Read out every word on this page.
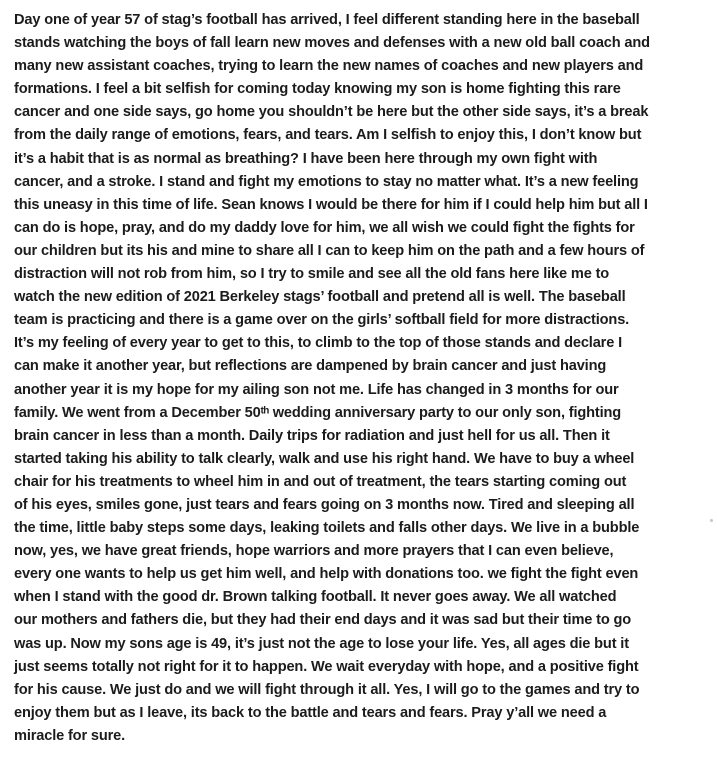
Day one of year 57 of stag’s football has arrived, I feel different standing here in the baseball
stands watching the boys of fall learn new moves and defenses with a new old ball coach and
many new assistant coaches, trying to learn the new names of coaches and new players and
formations. I feel a bit selfish for coming today knowing my son is home fighting this rare
cancer and one side says, go home you shouldn’t be here but the other side says, it’s a break
from the daily range of emotions, fears, and tears. Am I selfish to enjoy this, I don’t know but
it’s a habit that is as normal as breathing? I have been here through my own fight with
cancer, and a stroke. I stand and fight my emotions to stay no matter what. It’s a new feeling
this uneasy in this time of life. Sean knows I would be there for him if I could help him but all I
can do is hope, pray, and do my daddy love for him, we all wish we could fight the fights for
our children but its his and mine to share all I can to keep him on the path and a few hours of
distraction will not rob from him, so I try to smile and see all the old fans here like me to
watch the new edition of 2021 Berkeley stags’ football and pretend all is well. The baseball
team is practicing and there is a game over on the girls’ softball field for more distractions.
It’s my feeling of every year to get to this, to climb to the top of those stands and declare I
can make it another year, but reflections are dampened by brain cancer and just having
another year it is my hope for my ailing son not me. Life has changed in 3 months for our
family. We went from a December 50ᵗʰ wedding anniversary party to our only son, fighting
brain cancer in less than a month. Daily trips for radiation and just hell for us all. Then it
started taking his ability to talk clearly, walk and use his right hand. We have to buy a wheel
chair for his treatments to wheel him in and out of treatment, the tears starting coming out
of his eyes, smiles gone, just tears and fears going on 3 months now. Tired and sleeping all
the time, little baby steps some days, leaking toilets and falls other days. We live in a bubble
now, yes, we have great friends, hope warriors and more prayers that I can even believe,
every one wants to help us get him well, and help with donations too. we fight the fight even
when I stand with the good dr. Brown talking football. It never goes away. We all watched
our mothers and fathers die, but they had their end days and it was sad but their time to go
was up. Now my sons age is 49, it’s just not the age to lose your life. Yes, all ages die but it
just seems totally not right for it to happen. We wait everyday with hope, and a positive fight
for his cause. We just do and we will fight through it all. Yes, I will go to the games and try to
enjoy them but as I leave, its back to the battle and tears and fears. Pray y’all we need a
miracle for sure.
